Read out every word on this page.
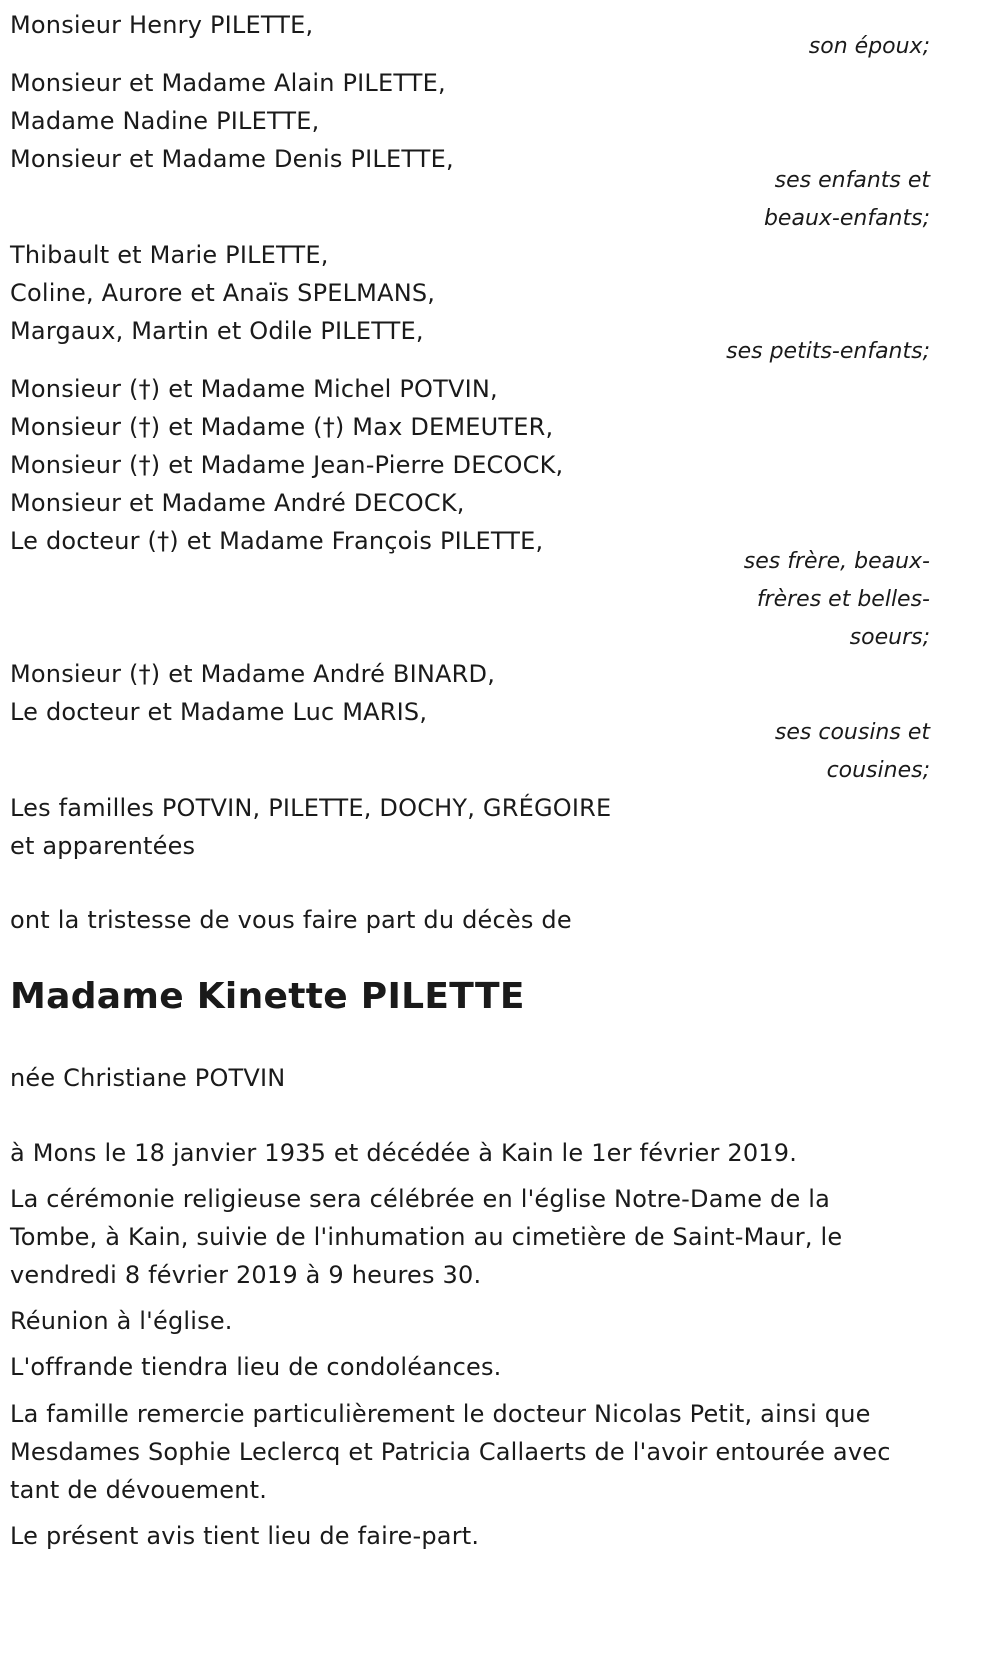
Monsieur Henry PILETTE,
son époux;
Monsieur et Madame Alain PILETTE,
Madame Nadine PILETTE,
Monsieur et Madame Denis PILETTE,
ses enfants et
beaux-enfants;
Thibault et Marie PILETTE,
Coline, Aurore et Anaïs SPELMANS,
Margaux, Martin et Odile PILETTE,
ses petits-enfants;
Monsieur (†) et Madame Michel POTVIN,
Monsieur (†) et Madame (†) Max DEMEUTER,
Monsieur (†) et Madame Jean-Pierre DECOCK,
Monsieur et Madame André DECOCK,
Le docteur (†) et Madame François PILETTE,
ses frère, beaux-
frères et belles-
soeurs;
Monsieur (†) et Madame André BINARD,
Le docteur et Madame Luc MARIS,
ses cousins et
cousines;
Les familles POTVIN, PILETTE, DOCHY, GRÉGOIRE
et apparentées
ont la tristesse de vous faire part du décès de
Madame Kinette PILETTE
née Christiane POTVIN
à Mons le 18 janvier 1935 et décédée à Kain le 1er février 2019.
La cérémonie religieuse sera célébrée en l'église Notre-Dame de la
Tombe, à Kain, suivie de l'inhumation au cimetière de Saint-Maur, le
vendredi 8 février 2019 à 9 heures 30.
Réunion à l'église.
L'offrande tiendra lieu de condoléances.
La famille remercie particulièrement le docteur Nicolas Petit, ainsi que
Mesdames Sophie Leclercq et Patricia Callaerts de l'avoir entourée avec
tant de dévouement.
Le présent avis tient lieu de faire-part.
